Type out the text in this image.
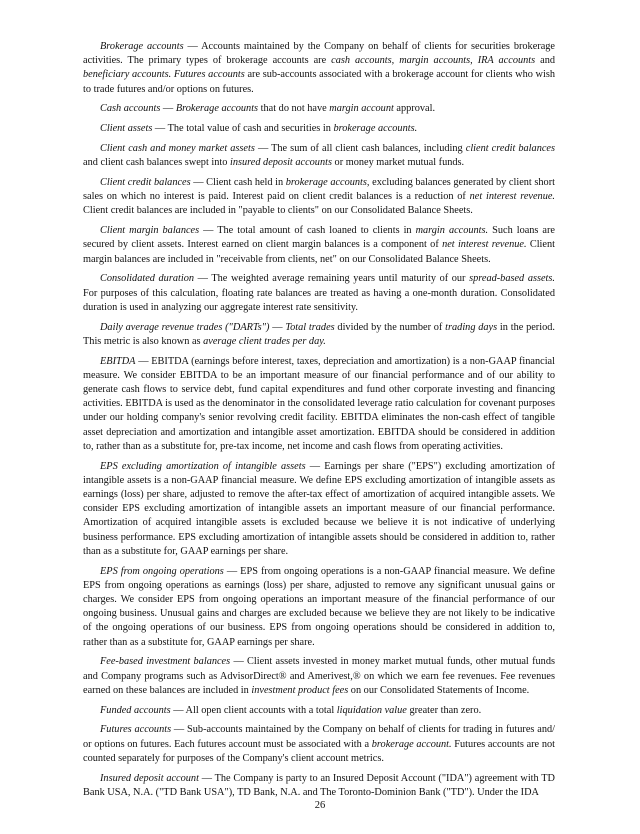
Brokerage accounts — Accounts maintained by the Company on behalf of clients for securities brokerage activities. The primary types of brokerage accounts are cash accounts, margin accounts, IRA accounts and beneficiary accounts. Futures accounts are sub-accounts associated with a brokerage account for clients who wish to trade futures and/or options on futures.

Cash accounts — Brokerage accounts that do not have margin account approval.

Client assets — The total value of cash and securities in brokerage accounts.

Client cash and money market assets — The sum of all client cash balances, including client credit balances and client cash balances swept into insured deposit accounts or money market mutual funds.

Client credit balances — Client cash held in brokerage accounts, excluding balances generated by client short sales on which no interest is paid. Interest paid on client credit balances is a reduction of net interest revenue. Client credit balances are included in "payable to clients" on our Consolidated Balance Sheets.

Client margin balances — The total amount of cash loaned to clients in margin accounts. Such loans are secured by client assets. Interest earned on client margin balances is a component of net interest revenue. Client margin balances are included in "receivable from clients, net" on our Consolidated Balance Sheets.

Consolidated duration — The weighted average remaining years until maturity of our spread-based assets. For purposes of this calculation, floating rate balances are treated as having a one-month duration. Consolidated duration is used in analyzing our aggregate interest rate sensitivity.

Daily average revenue trades ("DARTs") — Total trades divided by the number of trading days in the period. This metric is also known as average client trades per day.

EBITDA — EBITDA (earnings before interest, taxes, depreciation and amortization) is a non-GAAP financial measure. We consider EBITDA to be an important measure of our financial performance and of our ability to generate cash flows to service debt, fund capital expenditures and fund other corporate investing and financing activities. EBITDA is used as the denominator in the consolidated leverage ratio calculation for covenant purposes under our holding company's senior revolving credit facility. EBITDA eliminates the non-cash effect of tangible asset depreciation and amortization and intangible asset amortization. EBITDA should be considered in addition to, rather than as a substitute for, pre-tax income, net income and cash flows from operating activities.

EPS excluding amortization of intangible assets — Earnings per share ("EPS") excluding amortization of intangible assets is a non-GAAP financial measure. We define EPS excluding amortization of intangible assets as earnings (loss) per share, adjusted to remove the after-tax effect of amortization of acquired intangible assets. We consider EPS excluding amortization of intangible assets an important measure of our financial performance. Amortization of acquired intangible assets is excluded because we believe it is not indicative of underlying business performance. EPS excluding amortization of intangible assets should be considered in addition to, rather than as a substitute for, GAAP earnings per share.

EPS from ongoing operations — EPS from ongoing operations is a non-GAAP financial measure. We define EPS from ongoing operations as earnings (loss) per share, adjusted to remove any significant unusual gains or charges. We consider EPS from ongoing operations an important measure of the financial performance of our ongoing business. Unusual gains and charges are excluded because we believe they are not likely to be indicative of the ongoing operations of our business. EPS from ongoing operations should be considered in addition to, rather than as a substitute for, GAAP earnings per share.

Fee-based investment balances — Client assets invested in money market mutual funds, other mutual funds and Company programs such as AdvisorDirect® and Amerivest,® on which we earn fee revenues. Fee revenues earned on these balances are included in investment product fees on our Consolidated Statements of Income.

Funded accounts — All open client accounts with a total liquidation value greater than zero.

Futures accounts — Sub-accounts maintained by the Company on behalf of clients for trading in futures and/ or options on futures. Each futures account must be associated with a brokerage account. Futures accounts are not counted separately for purposes of the Company's client account metrics.

Insured deposit account — The Company is party to an Insured Deposit Account ("IDA") agreement with TD Bank USA, N.A. ("TD Bank USA"), TD Bank, N.A. and The Toronto-Dominion Bank ("TD"). Under the IDA

26
